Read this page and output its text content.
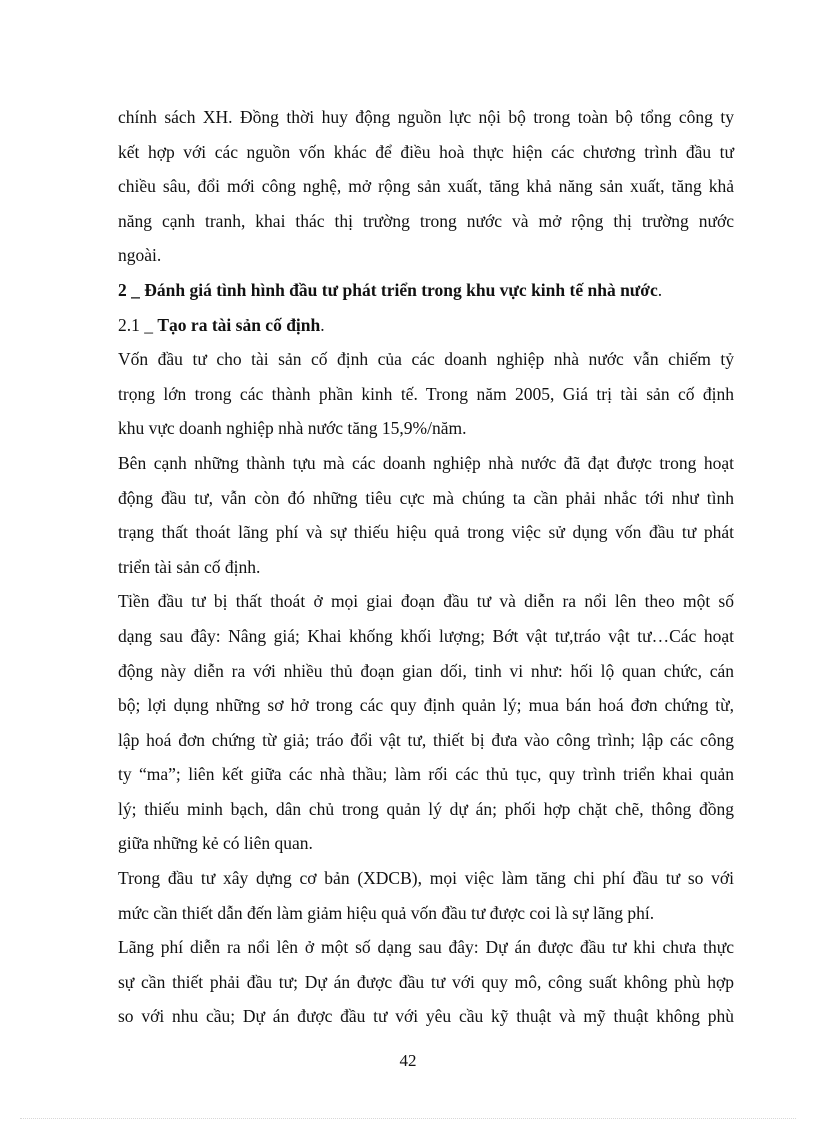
chính sách XH. Đồng thời huy động nguồn lực nội bộ trong toàn bộ tổng công ty
kết hợp với các nguồn vốn khác để điều hoà thực hiện các chương trình đầu tư
chiều sâu, đổi mới công nghệ, mở rộng sản xuất, tăng khả năng sản xuất, tăng khả
năng cạnh tranh, khai thác thị trường trong nước và mở rộng thị trường nước
ngoài.
2 _ Đánh giá tình hình đầu tư phát triển trong khu vực kinh tế nhà nước.
2.1 _ Tạo ra tài sản cố định.
Vốn đầu tư cho tài sản cố định của các doanh nghiệp nhà nước vẫn chiếm tỷ
trọng lớn trong các thành phần kinh tế. Trong năm 2005, Giá trị tài sản cố định
khu vực doanh nghiệp nhà nước tăng 15,9%/năm.
Bên cạnh những thành tựu mà các doanh nghiệp nhà nước đã đạt được trong hoạt
động đầu tư, vẫn còn đó những tiêu cực mà chúng ta cần phải nhắc tới như tình
trạng thất thoát lãng phí và sự thiếu hiệu quả trong việc sử dụng vốn đầu tư phát
triển tài sản cố định.
Tiền đầu tư bị thất thoát ở mọi giai đoạn đầu tư và diễn ra nổi lên theo một số
dạng sau đây: Nâng giá; Khai khống khối lượng; Bớt vật tư,tráo vật tư…Các hoạt
động này diễn ra với nhiều thủ đoạn gian dối, tinh vi như: hối lộ quan chức, cán
bộ; lợi dụng những sơ hở trong các quy định quản lý; mua bán hoá đơn chứng từ,
lập hoá đơn chứng từ giả; tráo đổi vật tư, thiết bị đưa vào công trình; lập các công
ty “ma”; liên kết giữa các nhà thầu; làm rối các thủ tục, quy trình triển khai quản
lý; thiếu minh bạch, dân chủ trong quản lý dự án; phối hợp chặt chẽ, thông đồng
giữa những kẻ có liên quan.
Trong đầu tư xây dựng cơ bản (XDCB), mọi việc làm tăng chi phí đầu tư so với
mức cần thiết dẫn đến làm giảm hiệu quả vốn đầu tư được coi là sự lãng phí.
Lãng phí diễn ra nổi lên ở một số dạng sau đây: Dự án được đầu tư khi chưa thực
sự cần thiết phải đầu tư; Dự án được đầu tư với quy mô, công suất không phù hợp
so với nhu cầu; Dự án được đầu tư với yêu cầu kỹ thuật và mỹ thuật không phù
42
